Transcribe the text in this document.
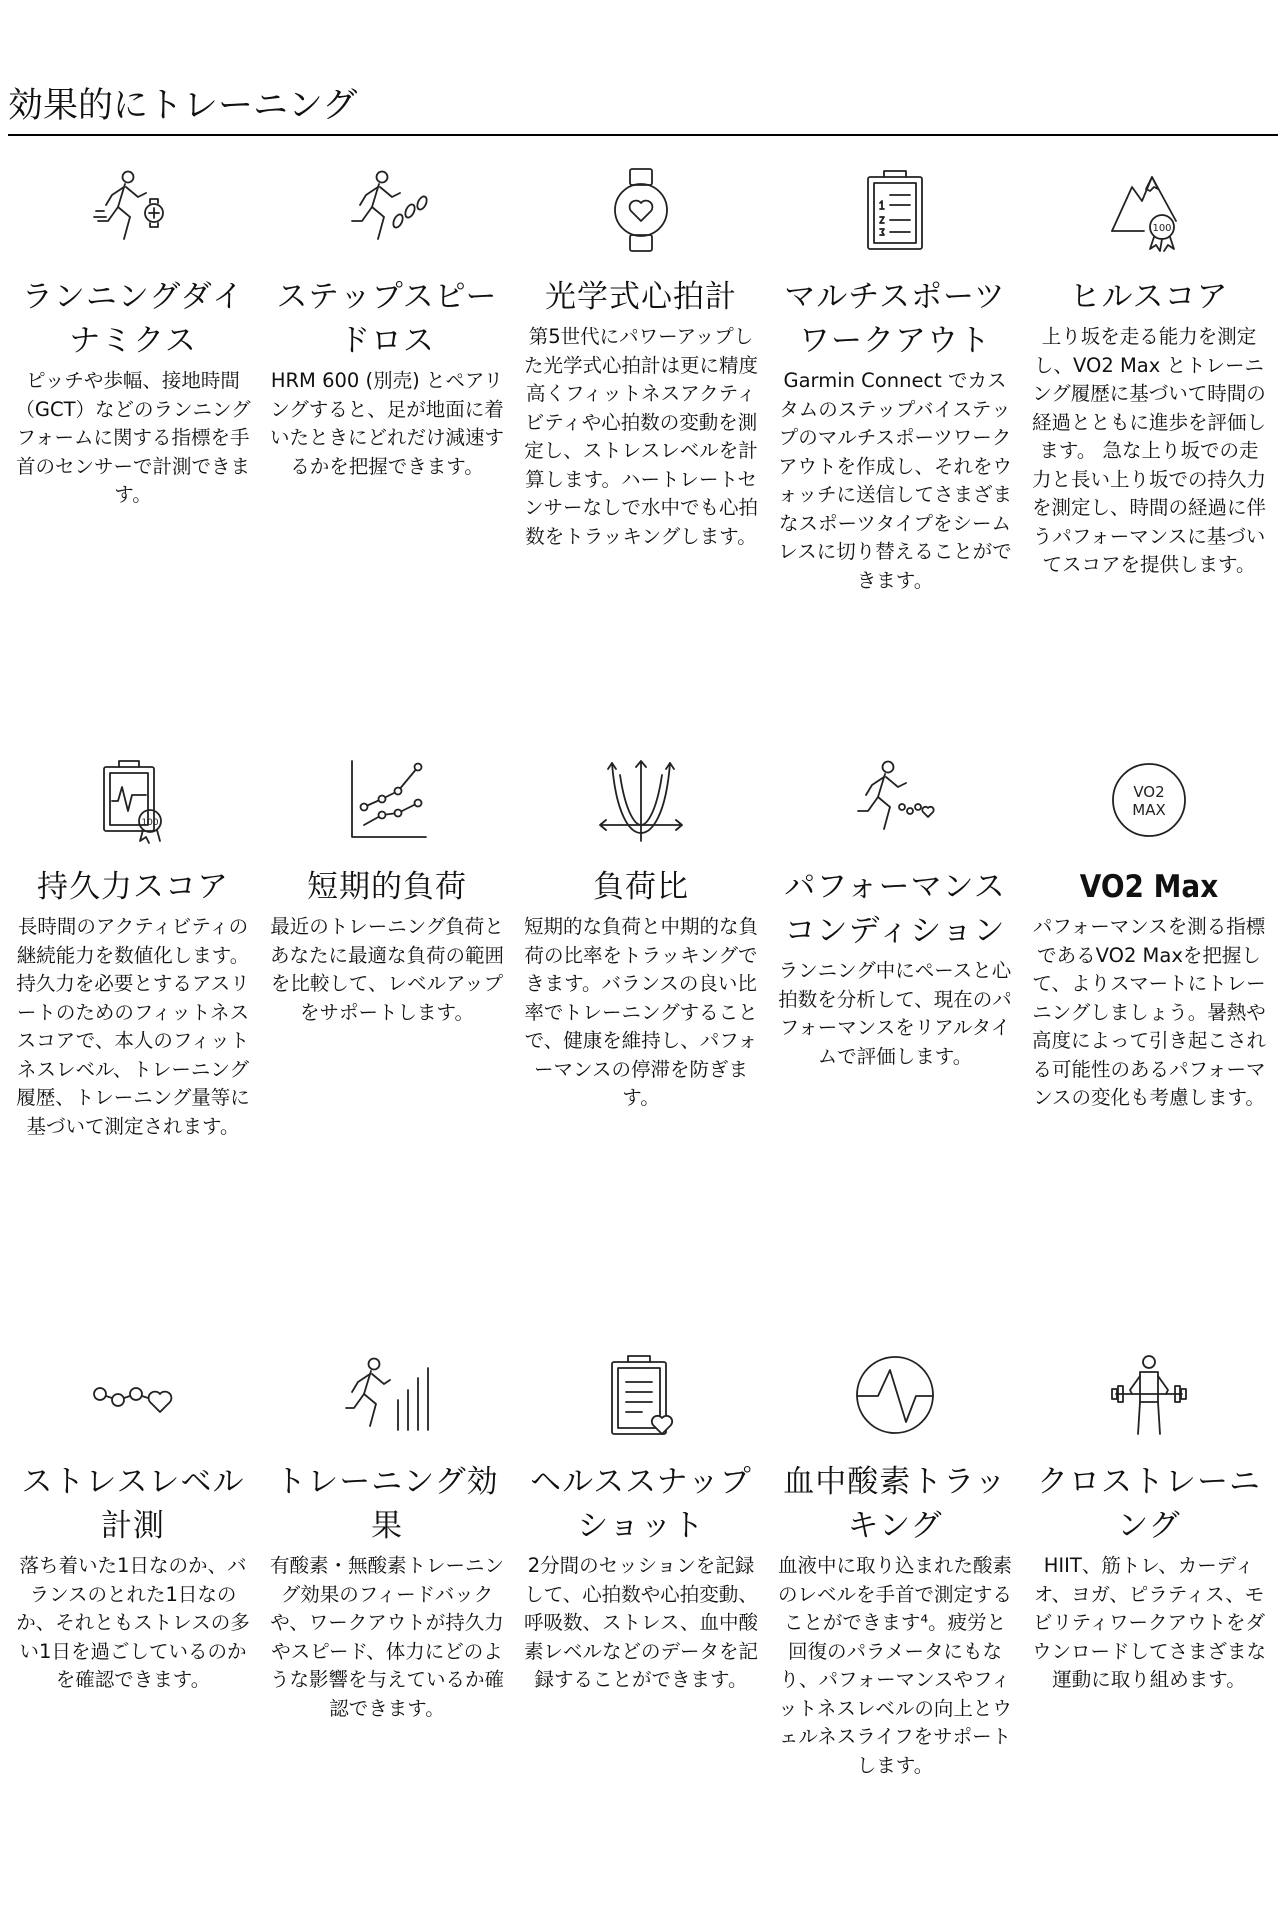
効果的にトレーニング
ランニングダイナミクス
ピッチや歩幅、接地時間（GCT）などのランニングフォームに関する指標を手首のセンサーで計測できます。
ステップスピードロス
HRM 600 (別売) とペアリングすると、足が地面に着いたときにどれだけ減速するかを把握できます。
光学式心拍計
第5世代にパワーアップした光学式心拍計は更に精度高くフィットネスアクティビティや心拍数の変動を測定し、ストレスレベルを計算します。ハートレートセンサーなしで水中でも心拍数をトラッキングします。
マルチスポーツワークアウト
Garmin Connect でカスタムのステップバイステップのマルチスポーツワークアウトを作成し、それをウォッチに送信してさまざまなスポーツタイプをシームレスに切り替えることができます。
100
ヒルスコア
上り坂を走る能力を測定し、VO2 Max とトレーニング履歴に基づいて時間の経過とともに進歩を評価します。 急な上り坂での走力と長い上り坂での持久力を測定し、時間の経過に伴うパフォーマンスに基づいてスコアを提供します。
100
持久力スコア
長時間のアクティビティの継続能力を数値化します。持久力を必要とするアスリートのためのフィットネススコアで、本人のフィットネスレベル、トレーニング履歴、トレーニング量等に基づいて測定されます。
短期的負荷
最近のトレーニング負荷とあなたに最適な負荷の範囲を比較して、レベルアップをサポートします。
負荷比
短期的な負荷と中期的な負荷の比率をトラッキングできます。バランスの良い比率でトレーニングすることで、健康を維持し、パフォーマンスの停滞を防ぎます。
パフォーマンスコンディション
ランニング中にペースと心拍数を分析して、現在のパフォーマンスをリアルタイムで評価します。
VO2
MAX
VO2 Max
パフォーマンスを測る指標であるVO2 Maxを把握して、よりスマートにトレーニングしましょう。暑熱や高度によって引き起こされる可能性のあるパフォーマンスの変化も考慮します。
ストレスレベル計測
落ち着いた1日なのか、バランスのとれた1日なのか、それともストレスの多い1日を過ごしているのかを確認できます。
トレーニング効果
有酸素・無酸素トレーニング効果のフィードバックや、ワークアウトが持久力やスピード、体力にどのような影響を与えているか確認できます。
ヘルススナップショット
2分間のセッションを記録して、心拍数や心拍変動、呼吸数、ストレス、血中酸素レベルなどのデータを記録することができます。
血中酸素トラッキング
血液中に取り込まれた酸素のレベルを手首で測定することができます⁴。疲労と回復のパラメータにもなり、パフォーマンスやフィットネスレベルの向上とウェルネスライフをサポートします。
クロストレーニング
HIIT、筋トレ、カーディオ、ヨガ、ピラティス、モビリティワークアウトをダウンロードしてさまざまな運動に取り組めます。
